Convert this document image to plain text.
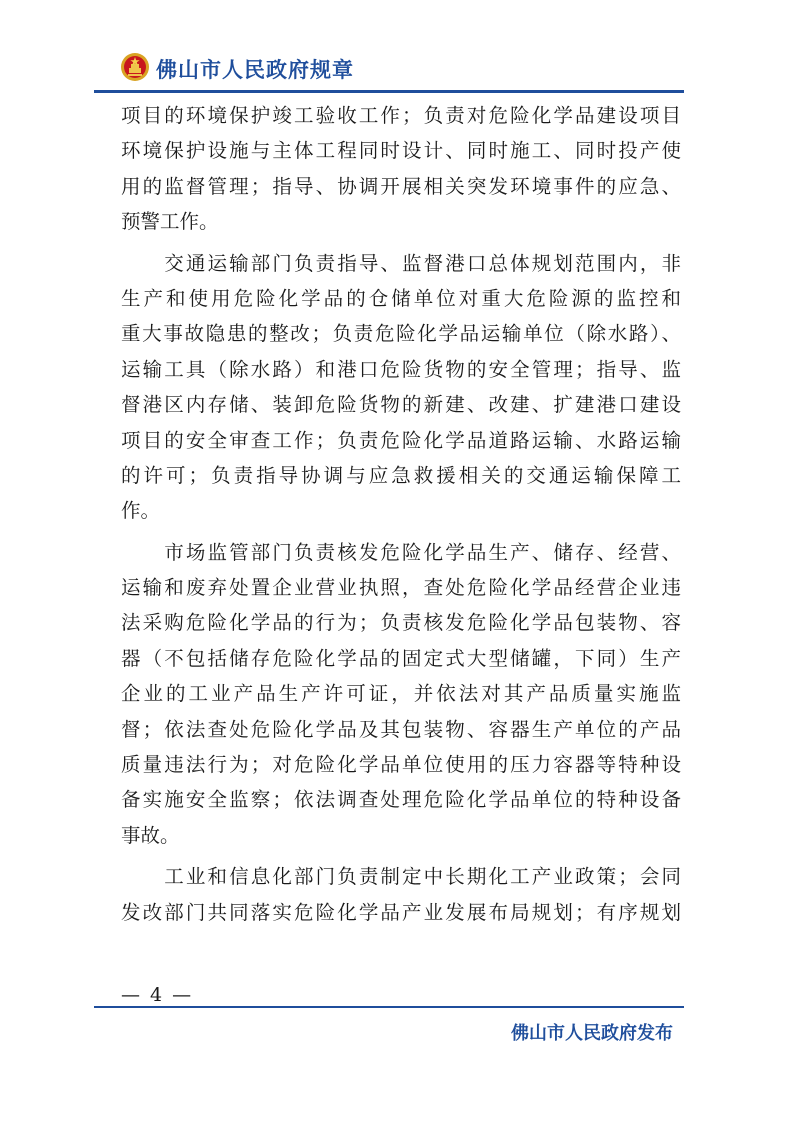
佛山市人民政府规章
项目的环境保护竣工验收工作；负责对危险化学品建设项目
环境保护设施与主体工程同时设计、同时施工、同时投产使
用的监督管理；指导、协调开展相关突发环境事件的应急、
预警工作。
　　交通运输部门负责指导、监督港口总体规划范围内，非
生产和使用危险化学品的仓储单位对重大危险源的监控和
重大事故隐患的整改；负责危险化学品运输单位（除水路）、
运输工具（除水路）和港口危险货物的安全管理；指导、监
督港区内存储、装卸危险货物的新建、改建、扩建港口建设
项目的安全审查工作；负责危险化学品道路运输、水路运输
的许可；负责指导协调与应急救援相关的交通运输保障工
作。
　　市场监管部门负责核发危险化学品生产、储存、经营、
运输和废弃处置企业营业执照，查处危险化学品经营企业违
法采购危险化学品的行为；负责核发危险化学品包装物、容
器（不包括储存危险化学品的固定式大型储罐，下同）生产
企业的工业产品生产许可证，并依法对其产品质量实施监
督；依法查处危险化学品及其包装物、容器生产单位的产品
质量违法行为；对危险化学品单位使用的压力容器等特种设
备实施安全监察；依法调查处理危险化学品单位的特种设备
事故。
　　工业和信息化部门负责制定中长期化工产业政策；会同
发改部门共同落实危险化学品产业发展布局规划；有序规划
— 4 —
佛山市人民政府发布
